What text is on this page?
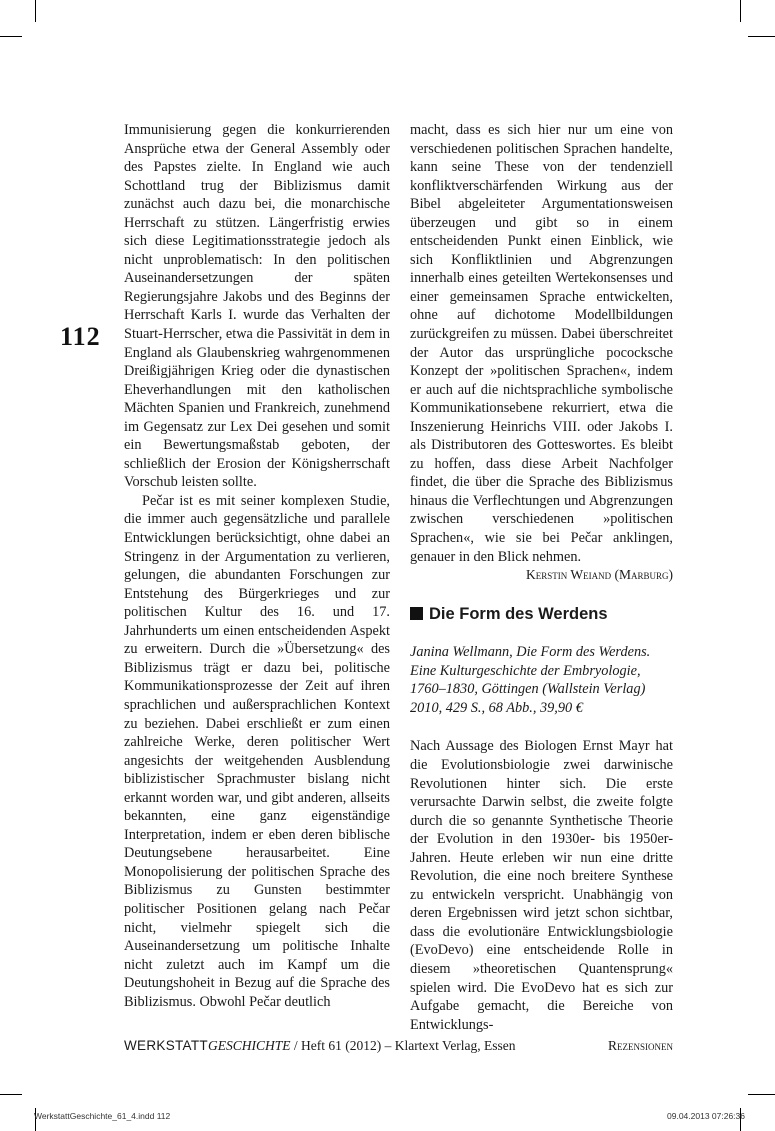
112

Immunisierung gegen die konkurrierenden Ansprüche etwa der General Assembly oder des Papstes zielte. In England wie auch Schottland trug der Biblizismus damit zunächst auch dazu bei, die monarchische Herrschaft zu stützen. Längerfristig erwies sich diese Legitimationsstrategie jedoch als nicht unproblematisch: In den politischen Auseinandersetzungen der späten Regierungsjahre Jakobs und des Beginns der Herrschaft Karls I. wurde das Verhalten der Stuart-Herrscher, etwa die Passivität in dem in England als Glaubenskrieg wahrgenommenen Dreißigjährigen Krieg oder die dynastischen Eheverhandlungen mit den katholischen Mächten Spanien und Frankreich, zunehmend im Gegensatz zur Lex Dei gesehen und somit ein Bewertungsmaßstab geboten, der schließlich der Erosion der Königsherrschaft Vorschub leisten sollte.

Pečar ist es mit seiner komplexen Studie, die immer auch gegensätzliche und parallele Entwicklungen berücksichtigt, ohne dabei an Stringenz in der Argumentation zu verlieren, gelungen, die abundanten Forschungen zur Entstehung des Bürgerkrieges und zur politischen Kultur des 16. und 17. Jahrhunderts um einen entscheidenden Aspekt zu erweitern. Durch die »Übersetzung« des Biblizismus trägt er dazu bei, politische Kommunikationsprozesse der Zeit auf ihren sprachlichen und außersprachlichen Kontext zu beziehen. Dabei erschließt er zum einen zahlreiche Werke, deren politischer Wert angesichts der weitgehenden Ausblendung biblizistischer Sprachmuster bislang nicht erkannt worden war, und gibt anderen, allseits bekannten, eine ganz eigenständige Interpretation, indem er eben deren biblische Deutungsebene herausarbeitet. Eine Monopolisierung der politischen Sprache des Biblizismus zu Gunsten bestimmter politischer Positionen gelang nach Pečar nicht, vielmehr spiegelt sich die Auseinandersetzung um politische Inhalte nicht zuletzt auch im Kampf um die Deutungshoheit in Bezug auf die Sprache des Biblizismus. Obwohl Pečar deutlich

macht, dass es sich hier nur um eine von verschiedenen politischen Sprachen handelte, kann seine These von der tendenziell konfliktverschärfenden Wirkung aus der Bibel abgeleiteter Argumentationsweisen überzeugen und gibt so in einem entscheidenden Punkt einen Einblick, wie sich Konfliktlinien und Abgrenzungen innerhalb eines geteilten Wertekonsenses und einer gemeinsamen Sprache entwickelten, ohne auf dichotome Modellbildungen zurückgreifen zu müssen. Dabei überschreitet der Autor das ursprüngliche pococksche Konzept der »politischen Sprachen«, indem er auch auf die nichtsprachliche symbolische Kommunikationsebene rekurriert, etwa die Inszenierung Heinrichs VIII. oder Jakobs I. als Distributoren des Gotteswortes. Es bleibt zu hoffen, dass diese Arbeit Nachfolger findet, die über die Sprache des Biblizismus hinaus die Verflechtungen und Abgrenzungen zwischen verschiedenen »politischen Sprachen«, wie sie bei Pečar anklingen, genauer in den Blick nehmen.

Kerstin Weiand (Marburg)

Die Form des Werdens

Janina Wellmann, Die Form des Werdens. Eine Kulturgeschichte der Embryologie, 1760–1830, Göttingen (Wallstein Verlag) 2010, 429 S., 68 Abb., 39,90 €

Nach Aussage des Biologen Ernst Mayr hat die Evolutionsbiologie zwei darwinische Revolutionen hinter sich. Die erste verursachte Darwin selbst, die zweite folgte durch die so genannte Synthetische Theorie der Evolution in den 1930er- bis 1950er-Jahren. Heute erleben wir nun eine dritte Revolution, die eine noch breitere Synthese zu entwickeln verspricht. Unabhängig von deren Ergebnissen wird jetzt schon sichtbar, dass die evolutionäre Entwicklungsbiologie (EvoDevo) eine entscheidende Rolle in diesem »theoretischen Quantensprung« spielen wird. Die EvoDevo hat es sich zur Aufgabe gemacht, die Bereiche von Entwicklungs-

WERKSTATTGESCHICHTE / Heft 61 (2012) – Klartext Verlag, Essen	Rezensionen
WerkstattGeschichte_61_4.indd 112	09.04.2013 07:26:36
